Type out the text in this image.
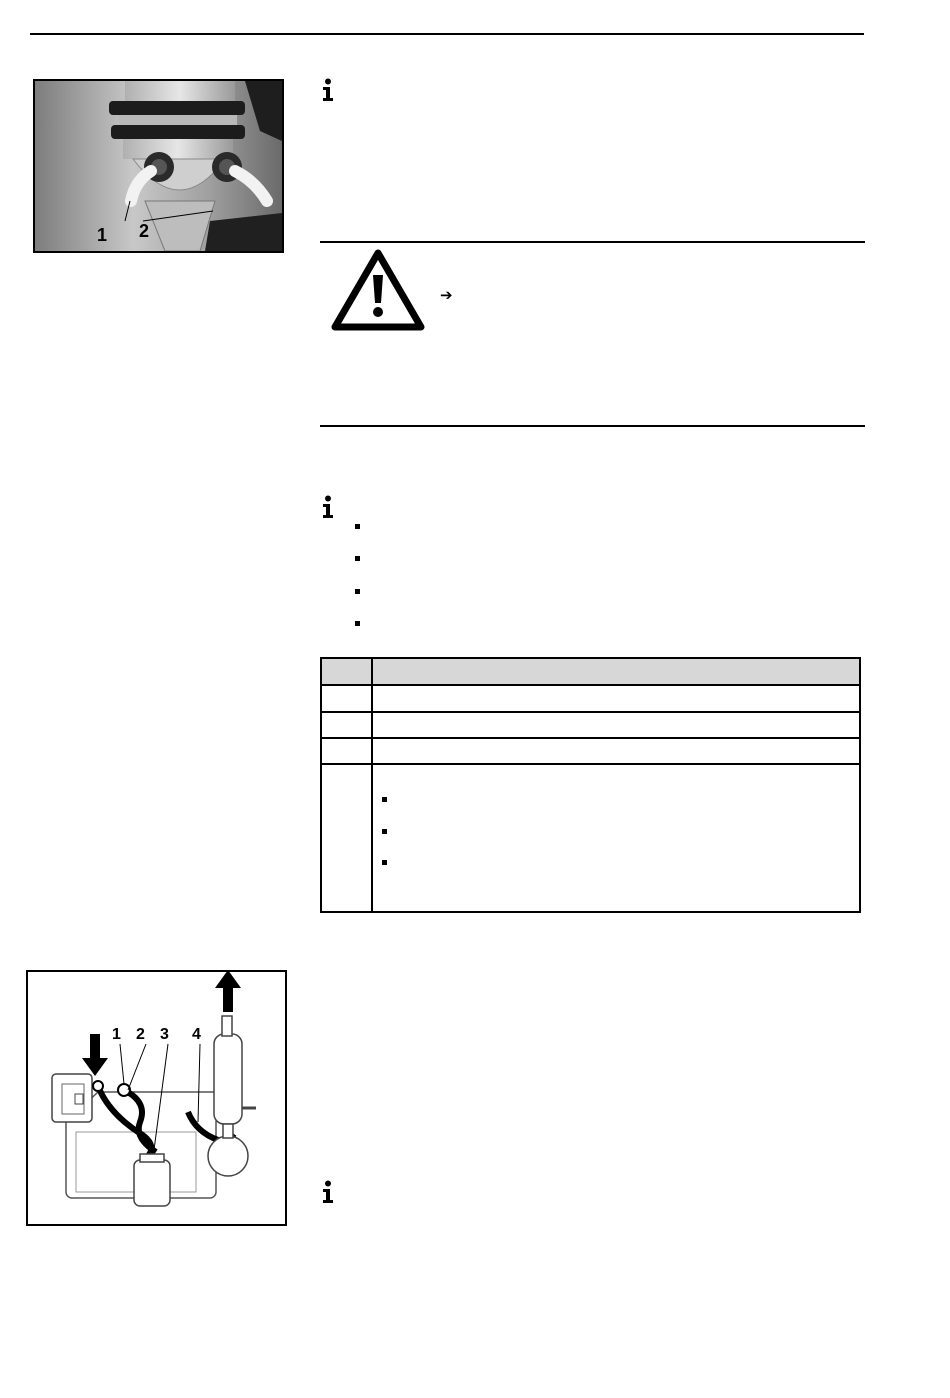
1 2
➔
1 2 3 4
